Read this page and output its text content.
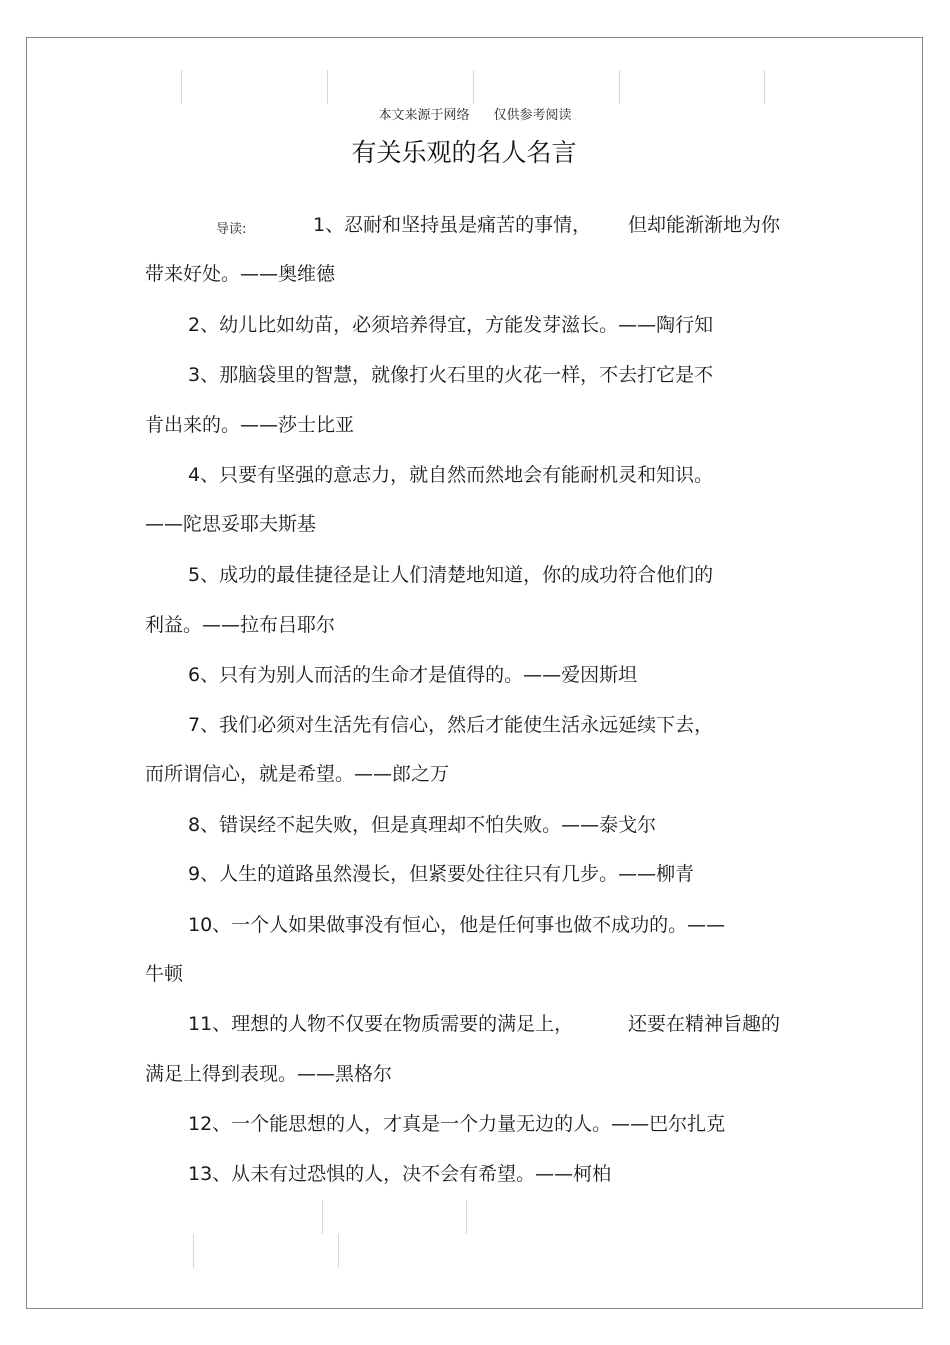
本文来源于网络 仅供参考阅读
有关乐观的名人名言
导读:	1、忍耐和坚持虽是痛苦的事情， 但却能渐渐地为你
带来好处。——奥维德
2、幼儿比如幼苗，必须培养得宜，方能发芽滋长。——陶行知
3、那脑袋里的智慧，就像打火石里的火花一样，不去打它是不
肯出来的。——莎士比亚
4、只要有坚强的意志力，就自然而然地会有能耐机灵和知识。
——陀思妥耶夫斯基
5、成功的最佳捷径是让人们清楚地知道，你的成功符合他们的
利益。——拉布吕耶尔
6、只有为别人而活的生命才是值得的。——爱因斯坦
7、我们必须对生活先有信心，然后才能使生活永远延续下去，
而所谓信心，就是希望。——郎之万
8、错误经不起失败，但是真理却不怕失败。——泰戈尔
9、人生的道路虽然漫长，但紧要处往往只有几步。——柳青
10、一个人如果做事没有恒心，他是任何事也做不成功的。——
牛顿
11、理想的人物不仅要在物质需要的满足上，	还要在精神旨趣的
满足上得到表现。——黑格尔
12、一个能思想的人，才真是一个力量无边的人。——巴尔扎克
13、从未有过恐惧的人，决不会有希望。——柯柏
